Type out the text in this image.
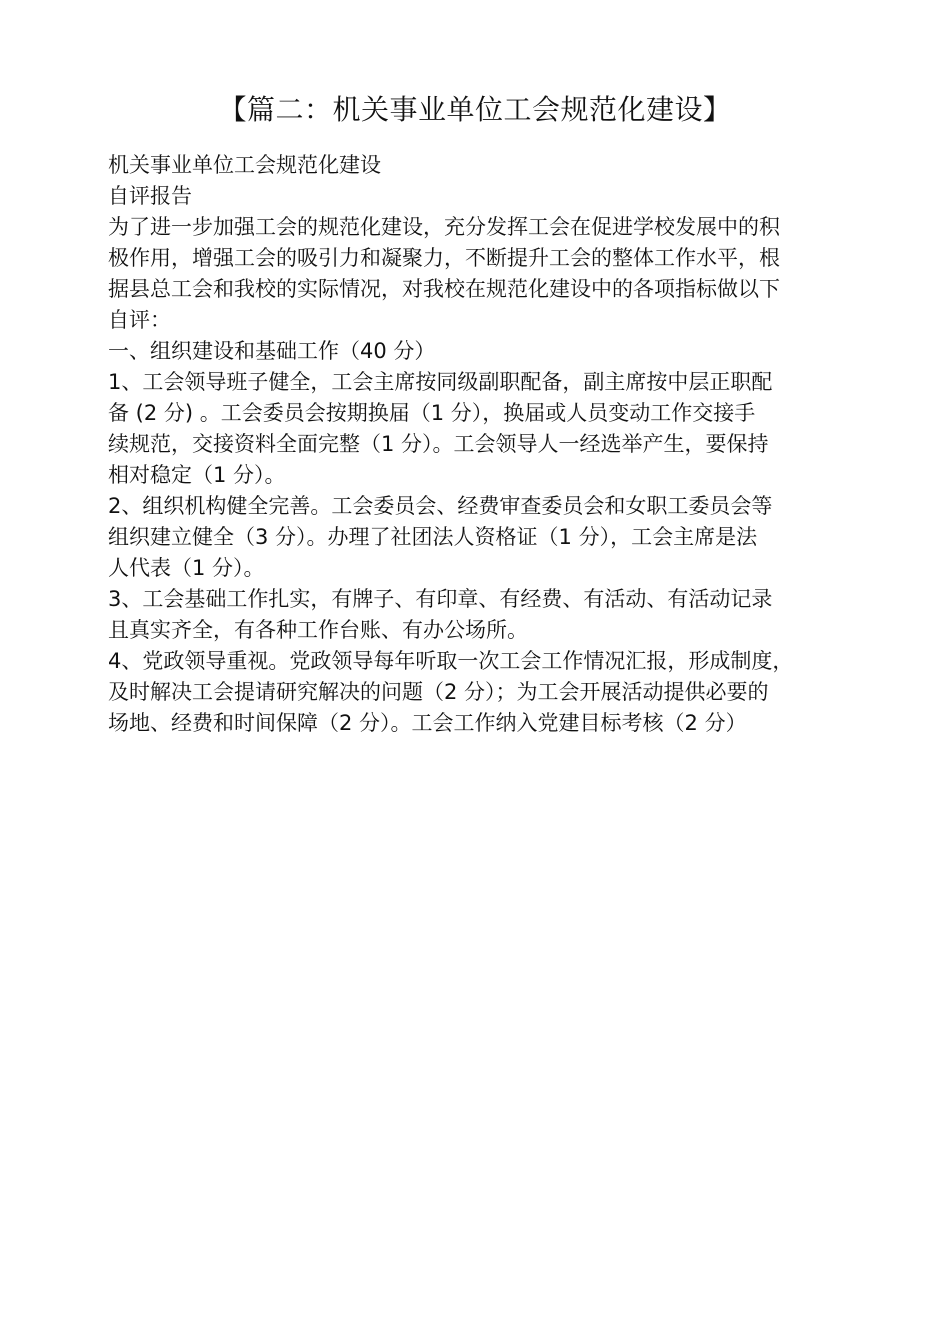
【篇二：机关事业单位工会规范化建设】
机关事业单位工会规范化建设
自评报告
为了进一步加强工会的规范化建设，充分发挥工会在促进学校发展中的积
极作用，增强工会的吸引力和凝聚力，不断提升工会的整体工作水平，根
据县总工会和我校的实际情况，对我校在规范化建设中的各项指标做以下
自评：
一、组织建设和基础工作（40 分）
1、工会领导班子健全，工会主席按同级副职配备，副主席按中层正职配
备 (2 分) 。工会委员会按期换届（1 分），换届或人员变动工作交接手
续规范，交接资料全面完整（1 分）。工会领导人一经选举产生，要保持
相对稳定（1 分）。
2、组织机构健全完善。工会委员会、经费审查委员会和女职工委员会等
组织建立健全（3 分）。办理了社团法人资格证（1 分），工会主席是法
人代表（1 分）。
3、工会基础工作扎实，有牌子、有印章、有经费、有活动、有活动记录
且真实齐全，有各种工作台账、有办公场所。
4、党政领导重视。党政领导每年听取一次工会工作情况汇报，形成制度，
及时解决工会提请研究解决的问题（2 分）；为工会开展活动提供必要的
场地、经费和时间保障（2 分）。工会工作纳入党建目标考核（2 分）
